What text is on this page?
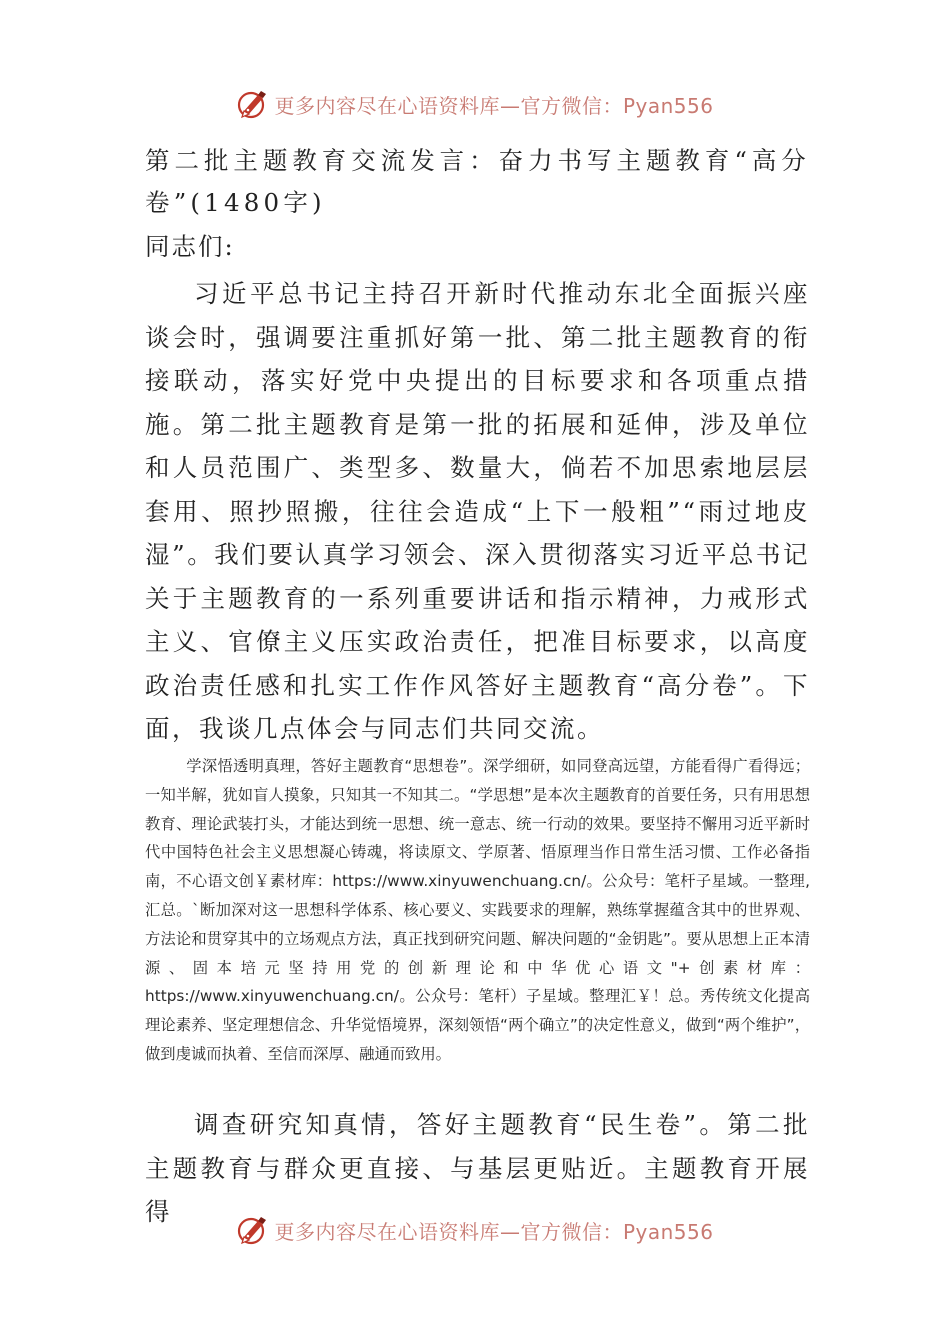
更多内容尽在心语资料库—官方微信：Pyan556

第二批主题教育交流发言：奋力书写主题教育“高分卷”(1480字)

同志们:

习近平总书记主持召开新时代推动东北全面振兴座谈会时，强调要注重抓好第一批、第二批主题教育的衔接联动，落实好党中央提出的目标要求和各项重点措施。第二批主题教育是第一批的拓展和延伸，涉及单位和人员范围广、类型多、数量大，倘若不加思索地层层套用、照抄照搬，往往会造成“上下一般粗”“雨过地皮湿”。我们要认真学习领会、深入贯彻落实习近平总书记关于主题教育的一系列重要讲话和指示精神，力戒形式主义、官僚主义压实政治责任，把准目标要求，以高度政治责任感和扎实工作作风答好主题教育“高分卷”。下面，我谈几点体会与同志们共同交流。

学深悟透明真理，答好主题教育“思想卷”。深学细研，如同登高远望，方能看得广看得远；一知半解，犹如盲人摸象，只知其一不知其二。“学思想”是本次主题教育的首要任务，只有用思想教育、理论武装打头，才能达到统一思想、统一意志、统一行动的效果。要坚持不懈用习近平新时代中国特色社会主义思想凝心铸魂，将读原文、学原著、悟原理当作日常生活习惯、工作必备指南，不心语文创￥素材库：https://www.xinyuwenchuang.cn/。公众号：笔杆子星域。一整理,汇总。`断加深对这一思想科学体系、核心要义、实践要求的理解，熟练掌握蕴含其中的世界观、方法论和贯穿其中的立场观点方法，真正找到研究问题、解决问题的“金钥匙”。要从思想上正本清源、固本培元坚持用党的创新理论和中华优心语文"+创素材库：https://www.xinyuwenchuang.cn/。公众号：笔杆）子星域。整理汇￥！总。秀传统文化提高理论素养、坚定理想信念、升华觉悟境界，深刻领悟“两个确立”的决定性意义，做到“两个维护”，做到虔诚而执着、至信而深厚、融通而致用。

调查研究知真情，答好主题教育“民生卷”。第二批主题教育与群众更直接、与基层更贴近。主题教育开展得

更多内容尽在心语资料库—官方微信：Pyan556
